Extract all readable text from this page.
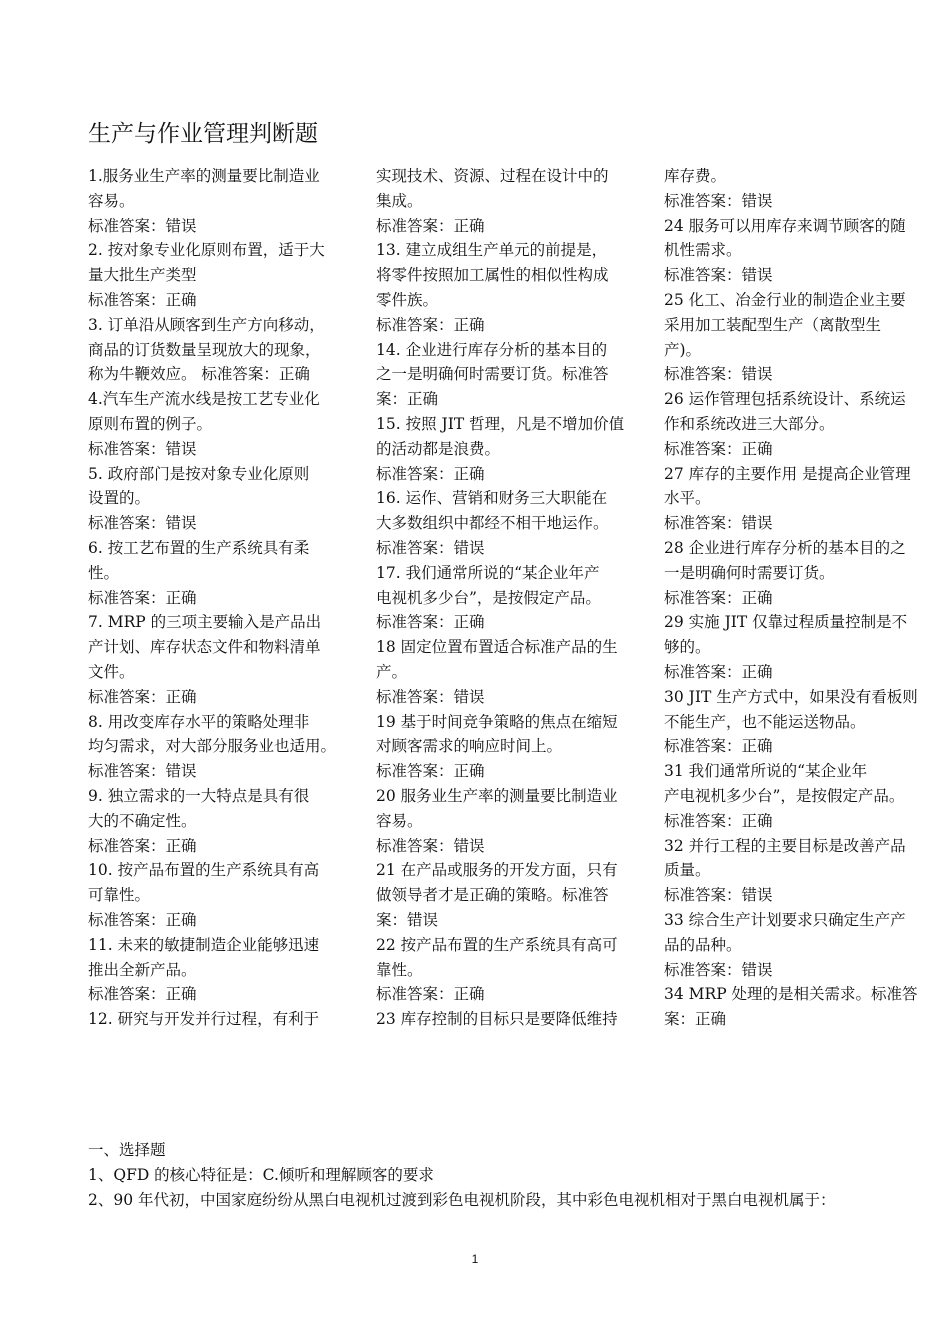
生产与作业管理判断题
1.服务业生产率的测量要比制造业
容易。
标准答案：错误
2. 按对象专业化原则布置，适于大
量大批生产类型
标准答案：正确
3. 订单沿从顾客到生产方向移动，
商品的订货数量呈现放大的现象，
称为牛鞭效应。 标准答案：正确
4.汽车生产流水线是按工艺专业化
原则布置的例子。
标准答案：错误
5. 政府部门是按对象专业化原则
设置的。
标准答案：错误
6. 按工艺布置的生产系统具有柔
性。
标准答案：正确
7. MRP 的三项主要输入是产品出
产计划、库存状态文件和物料清单
文件。
标准答案：正确
8. 用改变库存水平的策略处理非
均匀需求，对大部分服务业也适用。
标准答案：错误
9. 独立需求的一大特点是具有很
大的不确定性。
标准答案：正确
10. 按产品布置的生产系统具有高
可靠性。
标准答案：正确
11. 未来的敏捷制造企业能够迅速
推出全新产品。
标准答案：正确
12. 研究与开发并行过程，有利于
实现技术、资源、过程在设计中的
集成。
标准答案：正确
13. 建立成组生产单元的前提是，
将零件按照加工属性的相似性构成
零件族。
标准答案：正确
14. 企业进行库存分析的基本目的
之一是明确何时需要订货。标准答
案：正确
15. 按照 JIT 哲理，凡是不增加价值
的活动都是浪费。
标准答案：正确
16. 运作、营销和财务三大职能在
大多数组织中都经不相干地运作。
标准答案：错误
17. 我们通常所说的“某企业年产
电视机多少台”，是按假定产品。
标准答案：正确
18 固定位置布置适合标准产品的生
产。
标准答案：错误
19 基于时间竞争策略的焦点在缩短
对顾客需求的响应时间上。
标准答案：正确
20 服务业生产率的测量要比制造业
容易。
标准答案：错误
21 在产品或服务的开发方面，只有
做领导者才是正确的策略。标准答
案：错误
22 按产品布置的生产系统具有高可
靠性。
标准答案：正确
23 库存控制的目标只是要降低维持
库存费。
标准答案：错误
24 服务可以用库存来调节顾客的随
机性需求。
标准答案：错误
25 化工、冶金行业的制造企业主要
采用加工装配型生产（离散型生
产)。
标准答案：错误
26 运作管理包括系统设计、系统运
作和系统改进三大部分。
标准答案：正确
27 库存的主要作用 是提高企业管理
水平。
标准答案：错误
28 企业进行库存分析的基本目的之
一是明确何时需要订货。
标准答案：正确
29 实施 JIT 仅靠过程质量控制是不
够的。
标准答案：正确
30 JIT 生产方式中，如果没有看板则
不能生产，也不能运送物品。
标准答案：正确
31 我们通常所说的“某企业年
产电视机多少台”，是按假定产品。
标准答案：正确
32 并行工程的主要目标是改善产品
质量。
标准答案：错误
33 综合生产计划要求只确定生产产
品的品种。
标准答案：错误
34 MRP 处理的是相关需求。标准答
案：正确
一、选择题
1、QFD 的核心特征是：C.倾听和理解顾客的要求
2、90 年代初，中国家庭纷纷从黑白电视机过渡到彩色电视机阶段，其中彩色电视机相对于黑白电视机属于：
1
